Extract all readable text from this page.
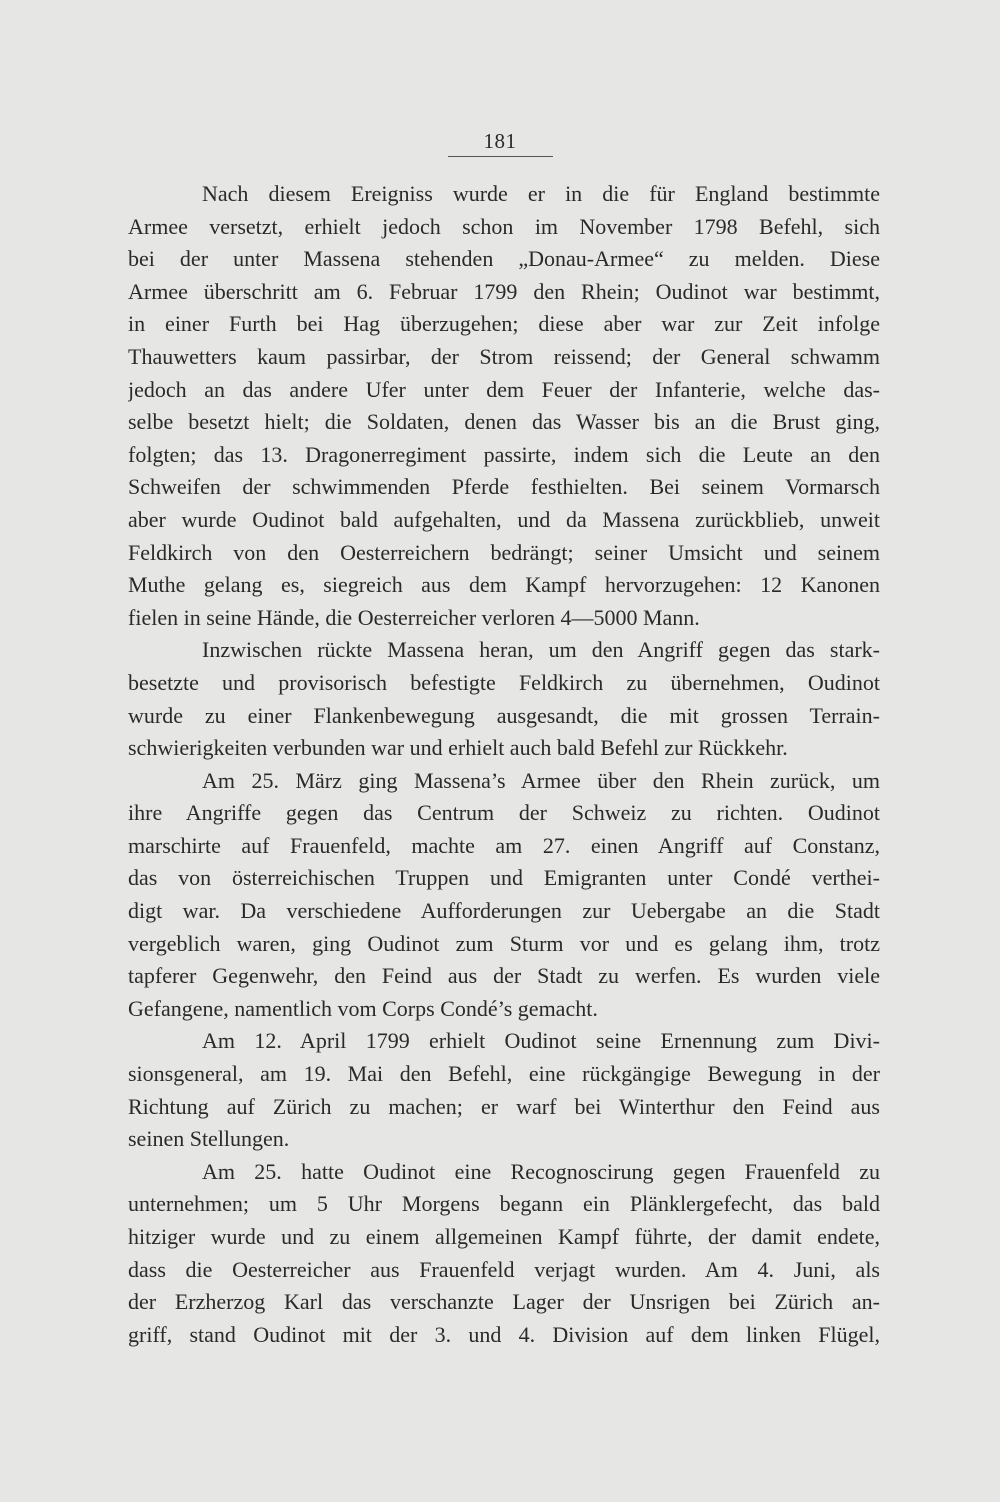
181
Nach diesem Ereigniss wurde er in die für England bestimmte
Armee versetzt, erhielt jedoch schon im November 1798 Befehl, sich
bei der unter Massena stehenden „Donau-Armee“ zu melden. Diese
Armee überschritt am 6. Februar 1799 den Rhein; Oudinot war bestimmt,
in einer Furth bei Hag überzugehen; diese aber war zur Zeit infolge
Thauwetters kaum passirbar, der Strom reissend; der General schwamm
jedoch an das andere Ufer unter dem Feuer der Infanterie, welche das-
selbe besetzt hielt; die Soldaten, denen das Wasser bis an die Brust ging,
folgten; das 13. Dragonerregiment passirte, indem sich die Leute an den
Schweifen der schwimmenden Pferde festhielten. Bei seinem Vormarsch
aber wurde Oudinot bald aufgehalten, und da Massena zurückblieb, unweit
Feldkirch von den Oesterreichern bedrängt; seiner Umsicht und seinem
Muthe gelang es, siegreich aus dem Kampf hervorzugehen: 12 Kanonen
fielen in seine Hände, die Oesterreicher verloren 4—5000 Mann.
Inzwischen rückte Massena heran, um den Angriff gegen das stark-
besetzte und provisorisch befestigte Feldkirch zu übernehmen, Oudinot
wurde zu einer Flankenbewegung ausgesandt, die mit grossen Terrain-
schwierigkeiten verbunden war und erhielt auch bald Befehl zur Rückkehr.
Am 25. März ging Massena’s Armee über den Rhein zurück, um
ihre Angriffe gegen das Centrum der Schweiz zu richten. Oudinot
marschirte auf Frauenfeld, machte am 27. einen Angriff auf Constanz,
das von österreichischen Truppen und Emigranten unter Condé verthei-
digt war. Da verschiedene Aufforderungen zur Uebergabe an die Stadt
vergeblich waren, ging Oudinot zum Sturm vor und es gelang ihm, trotz
tapferer Gegenwehr, den Feind aus der Stadt zu werfen. Es wurden viele
Gefangene, namentlich vom Corps Condé’s gemacht.
Am 12. April 1799 erhielt Oudinot seine Ernennung zum Divi-
sionsgeneral, am 19. Mai den Befehl, eine rückgängige Bewegung in der
Richtung auf Zürich zu machen; er warf bei Winterthur den Feind aus
seinen Stellungen.
Am 25. hatte Oudinot eine Recognoscirung gegen Frauenfeld zu
unternehmen; um 5 Uhr Morgens begann ein Plänklergefecht, das bald
hitziger wurde und zu einem allgemeinen Kampf führte, der damit endete,
dass die Oesterreicher aus Frauenfeld verjagt wurden. Am 4. Juni, als
der Erzherzog Karl das verschanzte Lager der Unsrigen bei Zürich an-
griff, stand Oudinot mit der 3. und 4. Division auf dem linken Flügel,
